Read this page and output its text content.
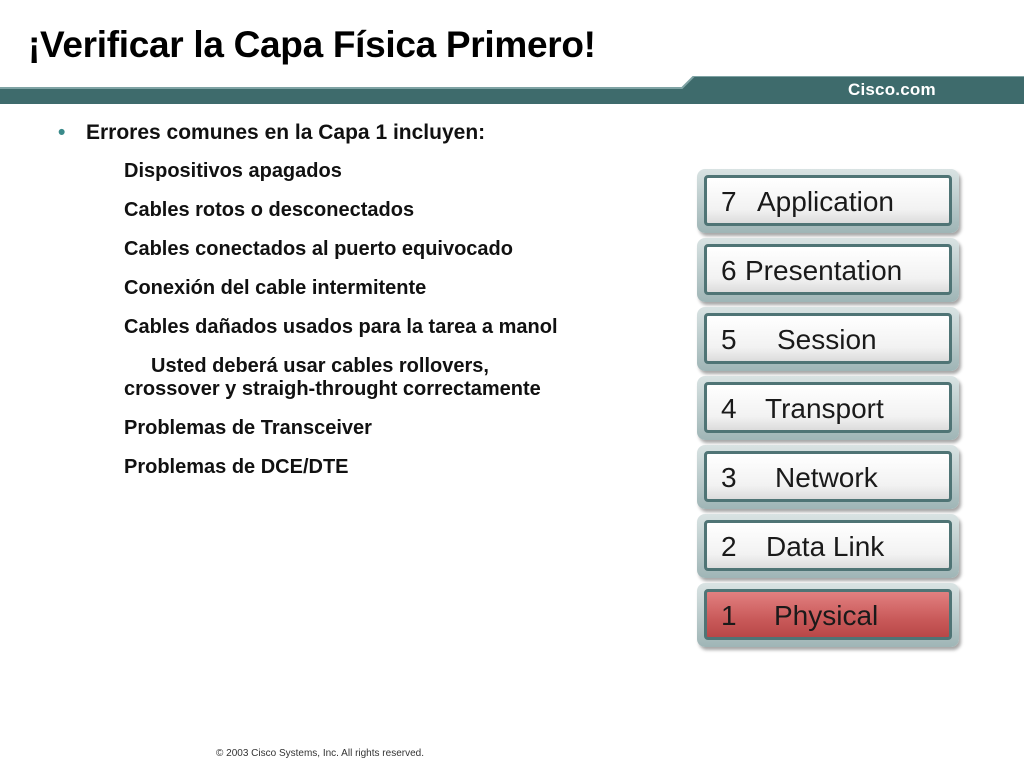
¡Verificar la Capa Física Primero!
Cisco.com
• Errores comunes en la Capa 1 incluyen:
Dispositivos apagados
Cables rotos o desconectados
Cables conectados al puerto equivocado
Conexión del cable intermitente
Cables dañados usados para la tarea a manol
Usted deberá usar cables rollovers,
crossover y straigh-throught correctamente
Problemas de Transceiver
Problemas de DCE/DTE
7 Application
6 Presentation
5 Session
4 Transport
3 Network
2 Data Link
1 Physical
© 2003 Cisco Systems, Inc. All rights reserved.
